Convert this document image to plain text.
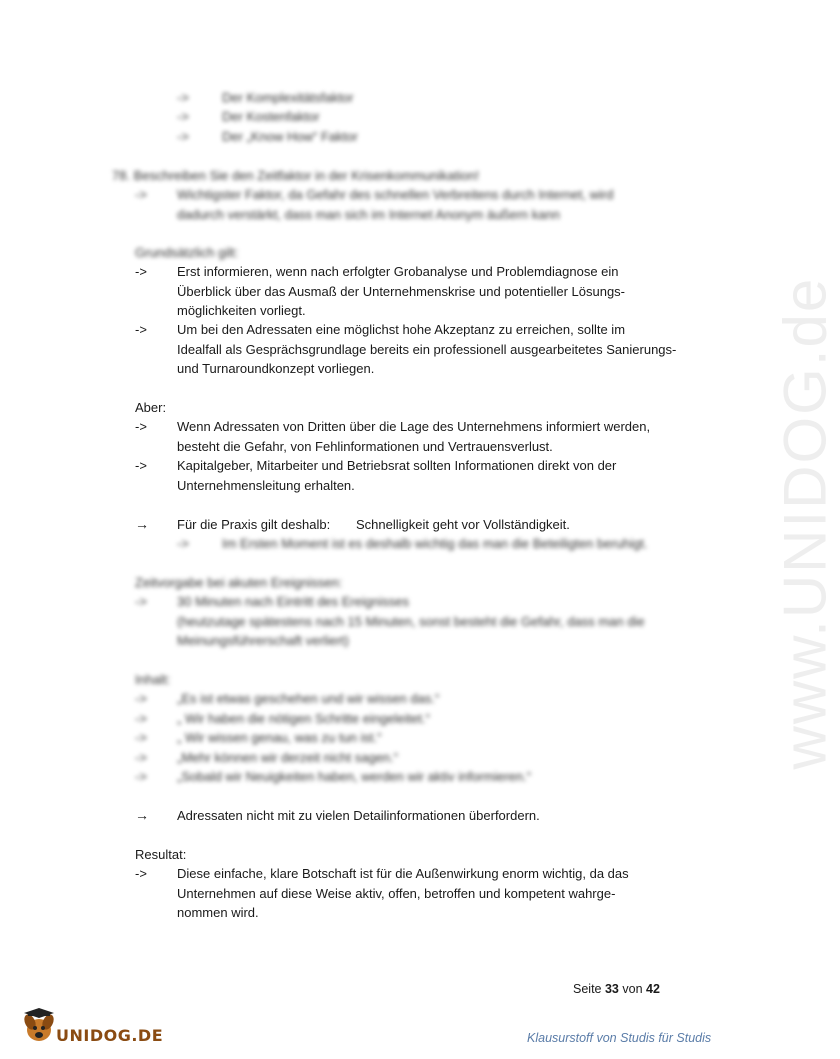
www.UNIDOG.de
->	Der Komplexitätsfaktor
->	Der Kostenfaktor
->	Der „Know How“ Faktor
78. Beschreiben Sie den Zeitfaktor in der Krisenkommunikation!
-> Wichtigster Faktor, da Gefahr des schnellen Verbreitens durch Internet, wird
dadurch verstärkt, dass man sich im Internet Anonym äußern kann
Grundsätzlich gilt:
-> Erst informieren, wenn nach erfolgter Grobanalyse und Problemdiagnose ein
Überblick über das Ausmaß der Unternehmenskrise und potentieller Lösungs-
möglichkeiten vorliegt.
-> Um bei den Adressaten eine möglichst hohe Akzeptanz zu erreichen, sollte im
Idealfall als Gesprächsgrundlage bereits ein professionell ausgearbeitetes Sanierungs-
und Turnaroundkonzept vorliegen.
Aber:
-> Wenn Adressaten von Dritten über die Lage des Unternehmens informiert werden,
besteht die Gefahr, von Fehlinformationen und Vertrauensverlust.
-> Kapitalgeber, Mitarbeiter und Betriebsrat sollten Informationen direkt von der
Unternehmensleitung erhalten.
→ Für die Praxis gilt deshalb: Schnelligkeit geht vor Vollständigkeit.
->	Im Ersten Moment ist es deshalb wichtig das man die Beteiligten beruhigt.
Zeitvorgabe bei akuten Ereignissen:
-> 30 Minuten nach Eintritt des Ereignisses
(heutzutage spätestens nach 15 Minuten, sonst besteht die Gefahr, dass man die
Meinungsführerschaft verliert)
Inhalt:
-> „Es ist etwas geschehen und wir wissen das.“
-> „ Wir haben die nötigen Schritte eingeleitet.“
-> „ Wir wissen genau, was zu tun ist.“
-> „Mehr können wir derzeit nicht sagen.“
-> „Sobald wir Neuigkeiten haben, werden wir aktiv informieren.“
→ Adressaten nicht mit zu vielen Detailinformationen überfordern.
Resultat:
-> Diese einfache, klare Botschaft ist für die Außenwirkung enorm wichtig, da das
Unternehmen auf diese Weise aktiv, offen, betroffen und kompetent wahrge-
nommen wird.
Seite 33 von 42
UNIDOG.DE	Klausurstoff von Studis für Studis
